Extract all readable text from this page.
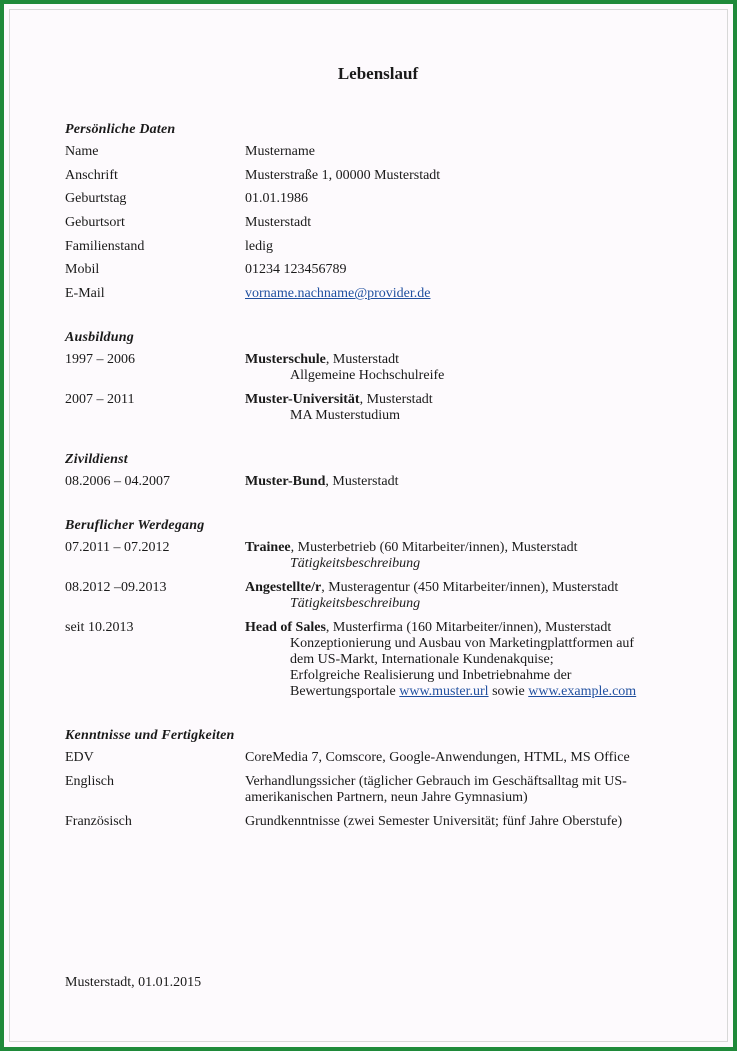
Lebenslauf
Persönliche Daten
Name	Mustername
Anschrift	Musterstraße 1, 00000 Musterstadt
Geburtstag	01.01.1986
Geburtsort	Musterstadt
Familienstand	ledig
Mobil	01234 123456789
E-Mail	vorname.nachname@provider.de
Ausbildung
1997 – 2006	Musterschule, Musterstadt
Allgemeine Hochschulreife
2007 – 2011	Muster-Universität, Musterstadt
MA Musterstudium
Zivildienst
08.2006 – 04.2007	Muster-Bund, Musterstadt
Beruflicher Werdegang
07.2011 – 07.2012	Trainee, Musterbetrieb (60 Mitarbeiter/innen), Musterstadt
Tätigkeitsbeschreibung
08.2012 –09.2013	Angestellte/r, Musteragentur (450 Mitarbeiter/innen), Musterstadt
Tätigkeitsbeschreibung
seit 10.2013	Head of Sales, Musterfirma (160 Mitarbeiter/innen), Musterstadt
Konzeptionierung und Ausbau von Marketingplattformen auf
dem US-Markt, Internationale Kundenakquise;
Erfolgreiche Realisierung und Inbetriebnahme der
Bewertungsportale www.muster.url sowie www.example.com
Kenntnisse und Fertigkeiten
EDV	CoreMedia 7, Comscore, Google-Anwendungen, HTML, MS Office
Englisch	Verhandlungssicher (täglicher Gebrauch im Geschäftsalltag mit US-
amerikanischen Partnern, neun Jahre Gymnasium)
Französisch	Grundkenntnisse (zwei Semester Universität; fünf Jahre Oberstufe)
Musterstadt, 01.01.2015
